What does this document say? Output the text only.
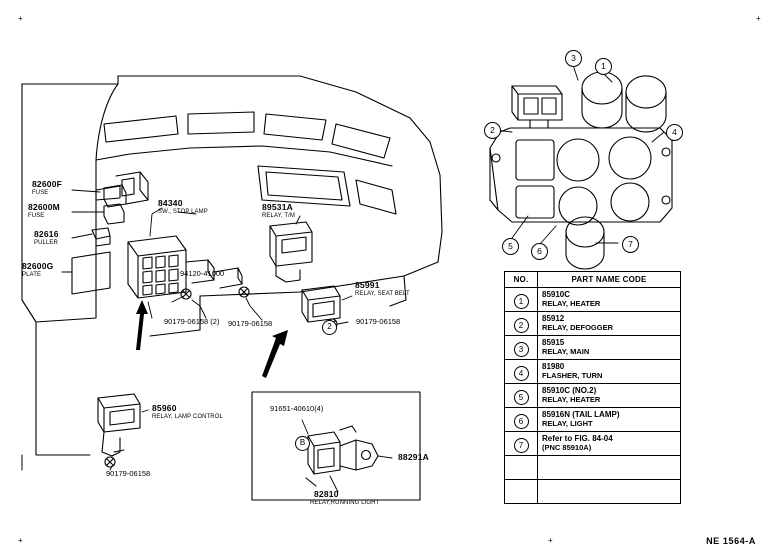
+	+
+	+
82600F
FUSE
82600M
FUSE
82616
PULLER
82600G
PLATE
84340
SW., STOP LAMP	89531A
RELAY, T/M
85991
RELAY, SEAT BELT
85960
RELAY, LAMP CONTROL
82810
RELAY,RUNNING LIGHT
88291A
94120-41000
90179-06158 (2) 90179-06158	90179-06158
90179-06158
91651-40610(4)
3
1
2	4
5	6
7
B
2
NO.	PART NAME CODE
1	85910C
RELAY, HEATER

2	85912
RELAY, DEFOGGER

3	85915
RELAY, MAIN

4	81980
FLASHER, TURN

5	85910C (NO.2)
RELAY, HEATER

6	85916N (TAIL LAMP)
RELAY, LIGHT

7	Refer to FIG. 84-04
(PNC 85910A)

NE 1564-A
